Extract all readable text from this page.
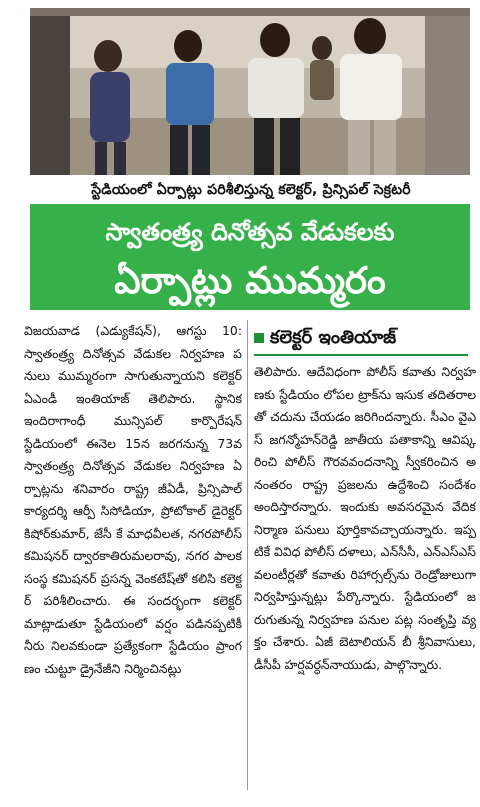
స్టేడియంలో ఏర్పాట్లు పరిశీలిస్తున్న కలెక్టర్, ప్రిన్సిపల్ సెక్రటరీ
స్వాతంత్ర్య దినోత్సవ వేడుకలకు
ఏర్పాట్లు ముమ్మరం

విజయవాడ (ఎడ్యుకేషన్), ఆగస్టు 10: స్వాతంత్ర్య దినోత్సవ వేడుకల నిర్వహణ పనులు ముమ్మరంగా సాగుతున్నాయని కలెక్టర్ ఏఎండీ ఇంతియాజ్ తెలిపారు. స్థానిక ఇందిరాగాంధీ మున్సిపల్ కార్పొరేషన్ స్టేడియంలో ఈనెల 15న జరగనున్న 73వ స్వాతంత్ర్య దినోత్సవ వేడుకల నిర్వహణ ఏర్పాట్లను శనివారం రాష్ట్ర జీఏడీ, ప్రిన్సిపాల్ కార్యదర్శి ఆర్పీ సిసోడియా, ప్రోటోకాల్ డైరెక్టర్ కిషోర్‌కుమార్, జేసీ కే మాధవీలత, నగరపోలీస్ కమిషనర్ ద్వారకాతిరుమలరావు, నగర పాలక సంస్థ కమిషనర్ ప్రసన్న వెంకటేష్‌తో కలిసి కలెక్టర్ పరిశీలించారు. ఈ సందర్భంగా కలెక్టర్ మాట్లాడుతూ స్టేడియంలో వర్షం పడినప్పటికీ నీరు నిలవకుండా ప్రత్యేకంగా స్టేడియం ప్రాంగణం చుట్టూ డ్రైనేజీని నిర్మించినట్లు

కలెక్టర్ ఇంతియాజ్

తెలిపారు. ఆదేవిధంగా పోలీస్ కవాతు నిర్వహణకు స్టేడియం లోపల ట్రాక్‌ను ఇసుక తదితరాలతో చదును చేయడం జరిగిందన్నారు. సీఎం వైఎస్ జగన్మోహన్‌రెడ్డి జాతీయ పతాకాన్ని ఆవిష్కరించి పోలీస్ గౌరవవందనాన్ని స్వీకరించిన అనంతరం రాష్ట్ర ప్రజలను ఉద్దేశించి సందేశం అందిస్తారన్నారు. ఇందుకు అవసరమైన వేదిక నిర్మాణ పనులు పూర్తికావచ్చాయన్నారు. ఇప్పటికే వివిధ పోలీస్ దళాలు, ఎన్‌సీసీ, ఎన్‌ఎస్‌ఎస్ వలంటీర్లతో కవాతు రిహార్సల్స్‌ను రెండ్రోజులుగా నిర్వహిస్తున్నట్లు పేర్కొన్నారు. స్టేడియంలో జరుగుతున్న నిర్వహణ పనుల పట్ల సంతృప్తి వ్యక్తం చేశారు. ఏజీ బెటాలియన్ బీ శ్రీనివాసులు, డీసీపీ హర్షవర్ధన్‌నాయుడు, పాల్గొన్నారు.
